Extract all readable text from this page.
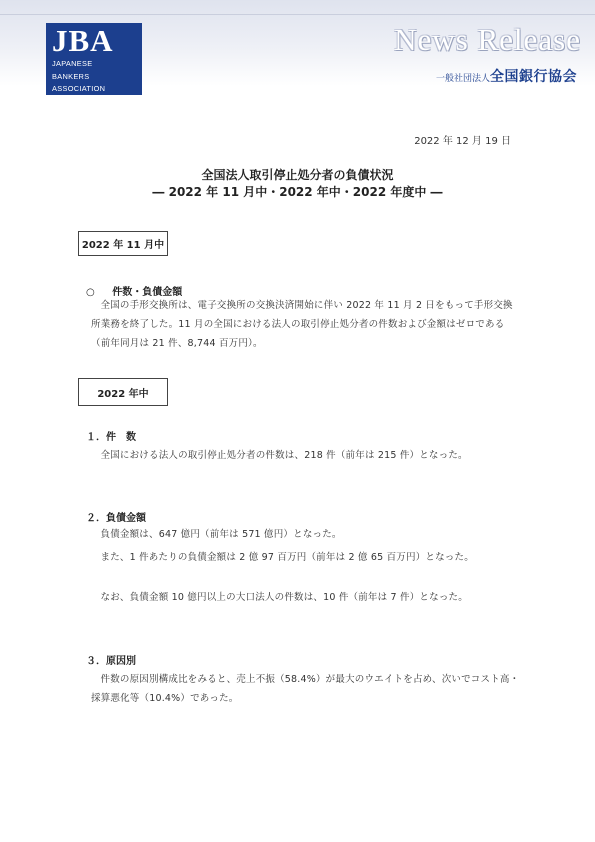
JBA
JAPANESE
BANKERS
ASSOCIATION
News Release
一般社団法人全国銀行協会
2022 年 12 月 19 日
全国法人取引停止処分者の負債状況
― 2022 年 11 月中・2022 年中・2022 年度中 ―
2022 年 11 月中
○ 件数・負債金額

全国の手形交換所は、電子交換所の交換決済開始に伴い 2022 年 11 月 2 日をもって手形交換所業務を終了した。11 月の全国における法人の取引停止処分者の件数および金額はゼロである（前年同月は 21 件、8,744 百万円）。

2022 年中
１．件　数

全国における法人の取引停止処分者の件数は、218 件（前年は 215 件）となった。

２．負債金額

負債金額は、647 億円（前年は 571 億円）となった。

また、1 件あたりの負債金額は 2 億 97 百万円（前年は 2 億 65 百万円）となった。

なお、負債金額 10 億円以上の大口法人の件数は、10 件（前年は 7 件）となった。

３．原因別

件数の原因別構成比をみると、売上不振（58.4%）が最大のウエイトを占め、次いでコスト高・採算悪化等（10.4%）であった。
